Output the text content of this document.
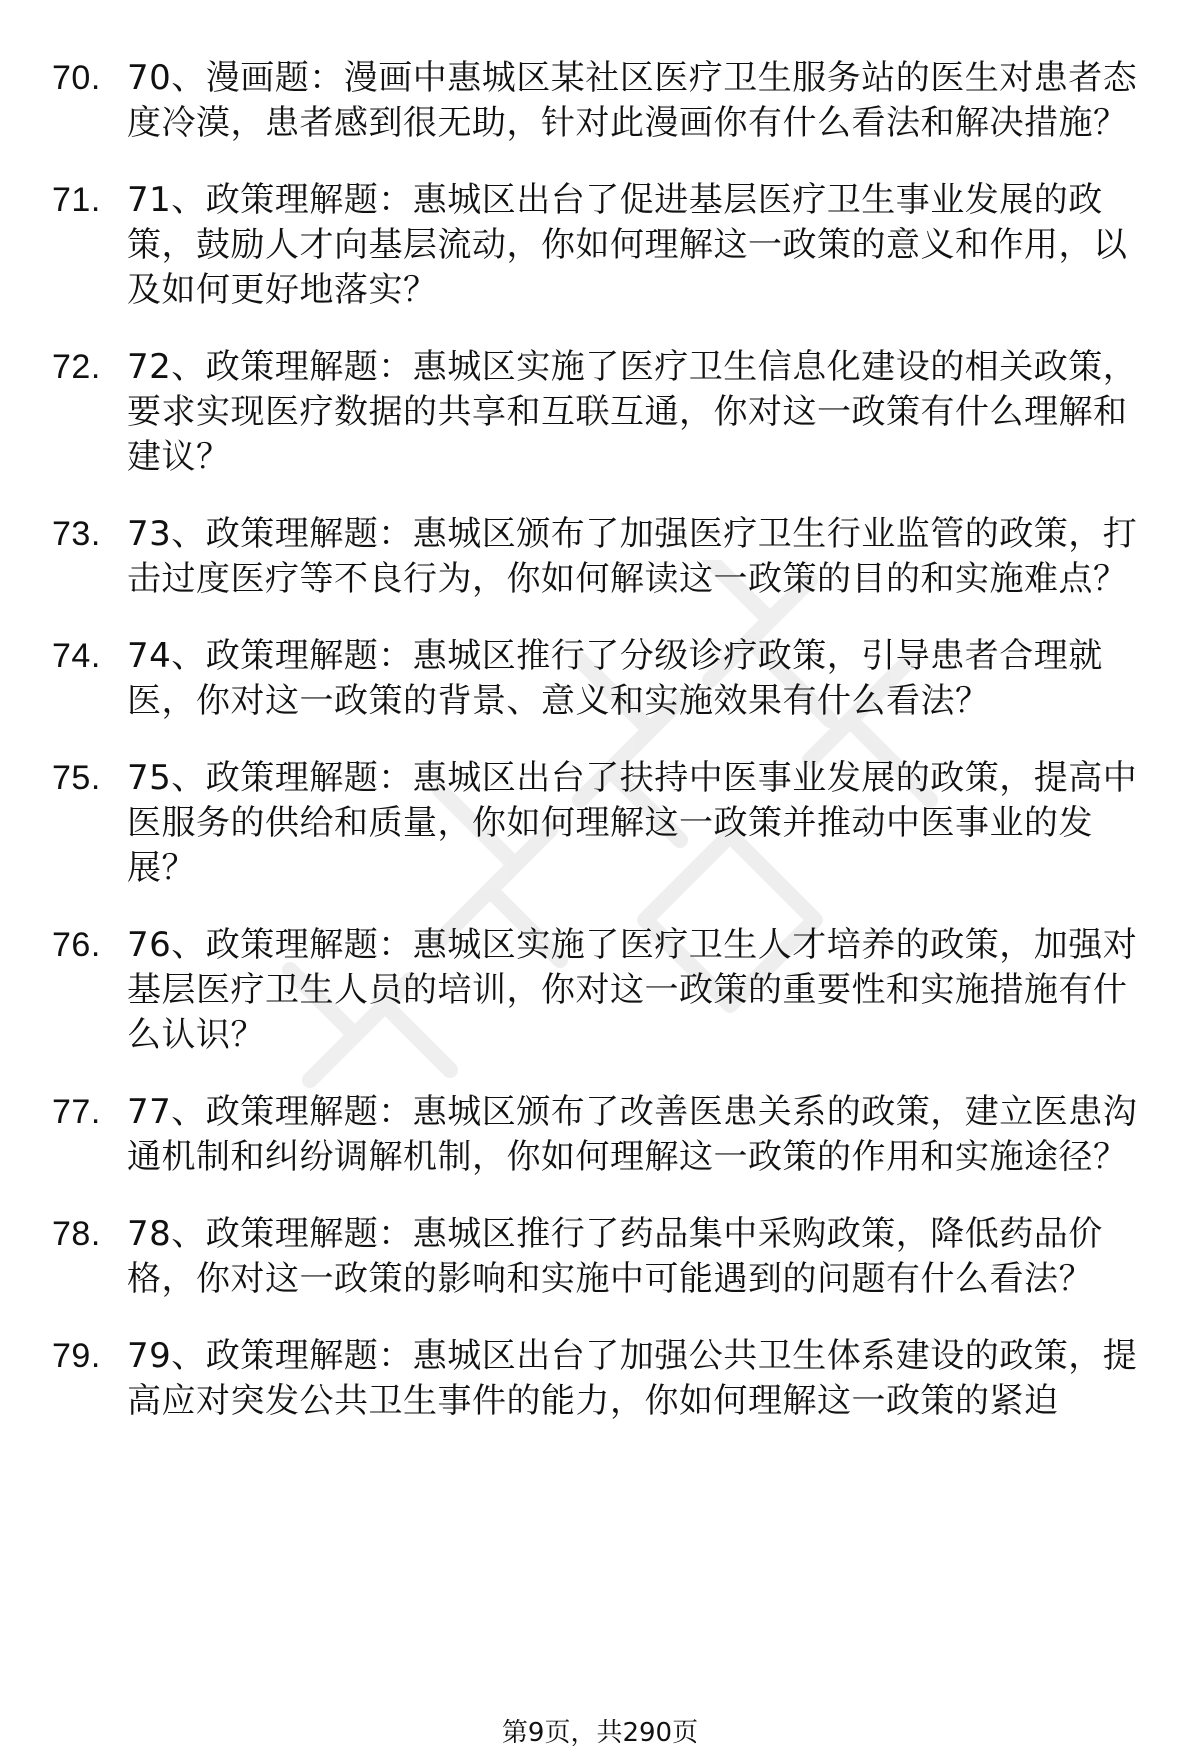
70. 70、漫画题：漫画中惠城区某社区医疗卫生服务站的医生对患者态度冷漠，患者感到很无助，针对此漫画你有什么看法和解决措施？
71. 71、政策理解题：惠城区出台了促进基层医疗卫生事业发展的政策，鼓励人才向基层流动，你如何理解这一政策的意义和作用，以及如何更好地落实？
72. 72、政策理解题：惠城区实施了医疗卫生信息化建设的相关政策，要求实现医疗数据的共享和互联互通，你对这一政策有什么理解和建议？
73. 73、政策理解题：惠城区颁布了加强医疗卫生行业监管的政策，打击过度医疗等不良行为，你如何解读这一政策的目的和实施难点？
74. 74、政策理解题：惠城区推行了分级诊疗政策，引导患者合理就医，你对这一政策的背景、意义和实施效果有什么看法？
75. 75、政策理解题：惠城区出台了扶持中医事业发展的政策，提高中医服务的供给和质量，你如何理解这一政策并推动中医事业的发展？
76. 76、政策理解题：惠城区实施了医疗卫生人才培养的政策，加强对基层医疗卫生人员的培训，你对这一政策的重要性和实施措施有什么认识？
77. 77、政策理解题：惠城区颁布了改善医患关系的政策，建立医患沟通机制和纠纷调解机制，你如何理解这一政策的作用和实施途径？
78. 78、政策理解题：惠城区推行了药品集中采购政策，降低药品价格，你对这一政策的影响和实施中可能遇到的问题有什么看法？
79. 79、政策理解题：惠城区出台了加强公共卫生体系建设的政策，提高应对突发公共卫生事件的能力，你如何理解这一政策的紧迫
第9页，共290页
